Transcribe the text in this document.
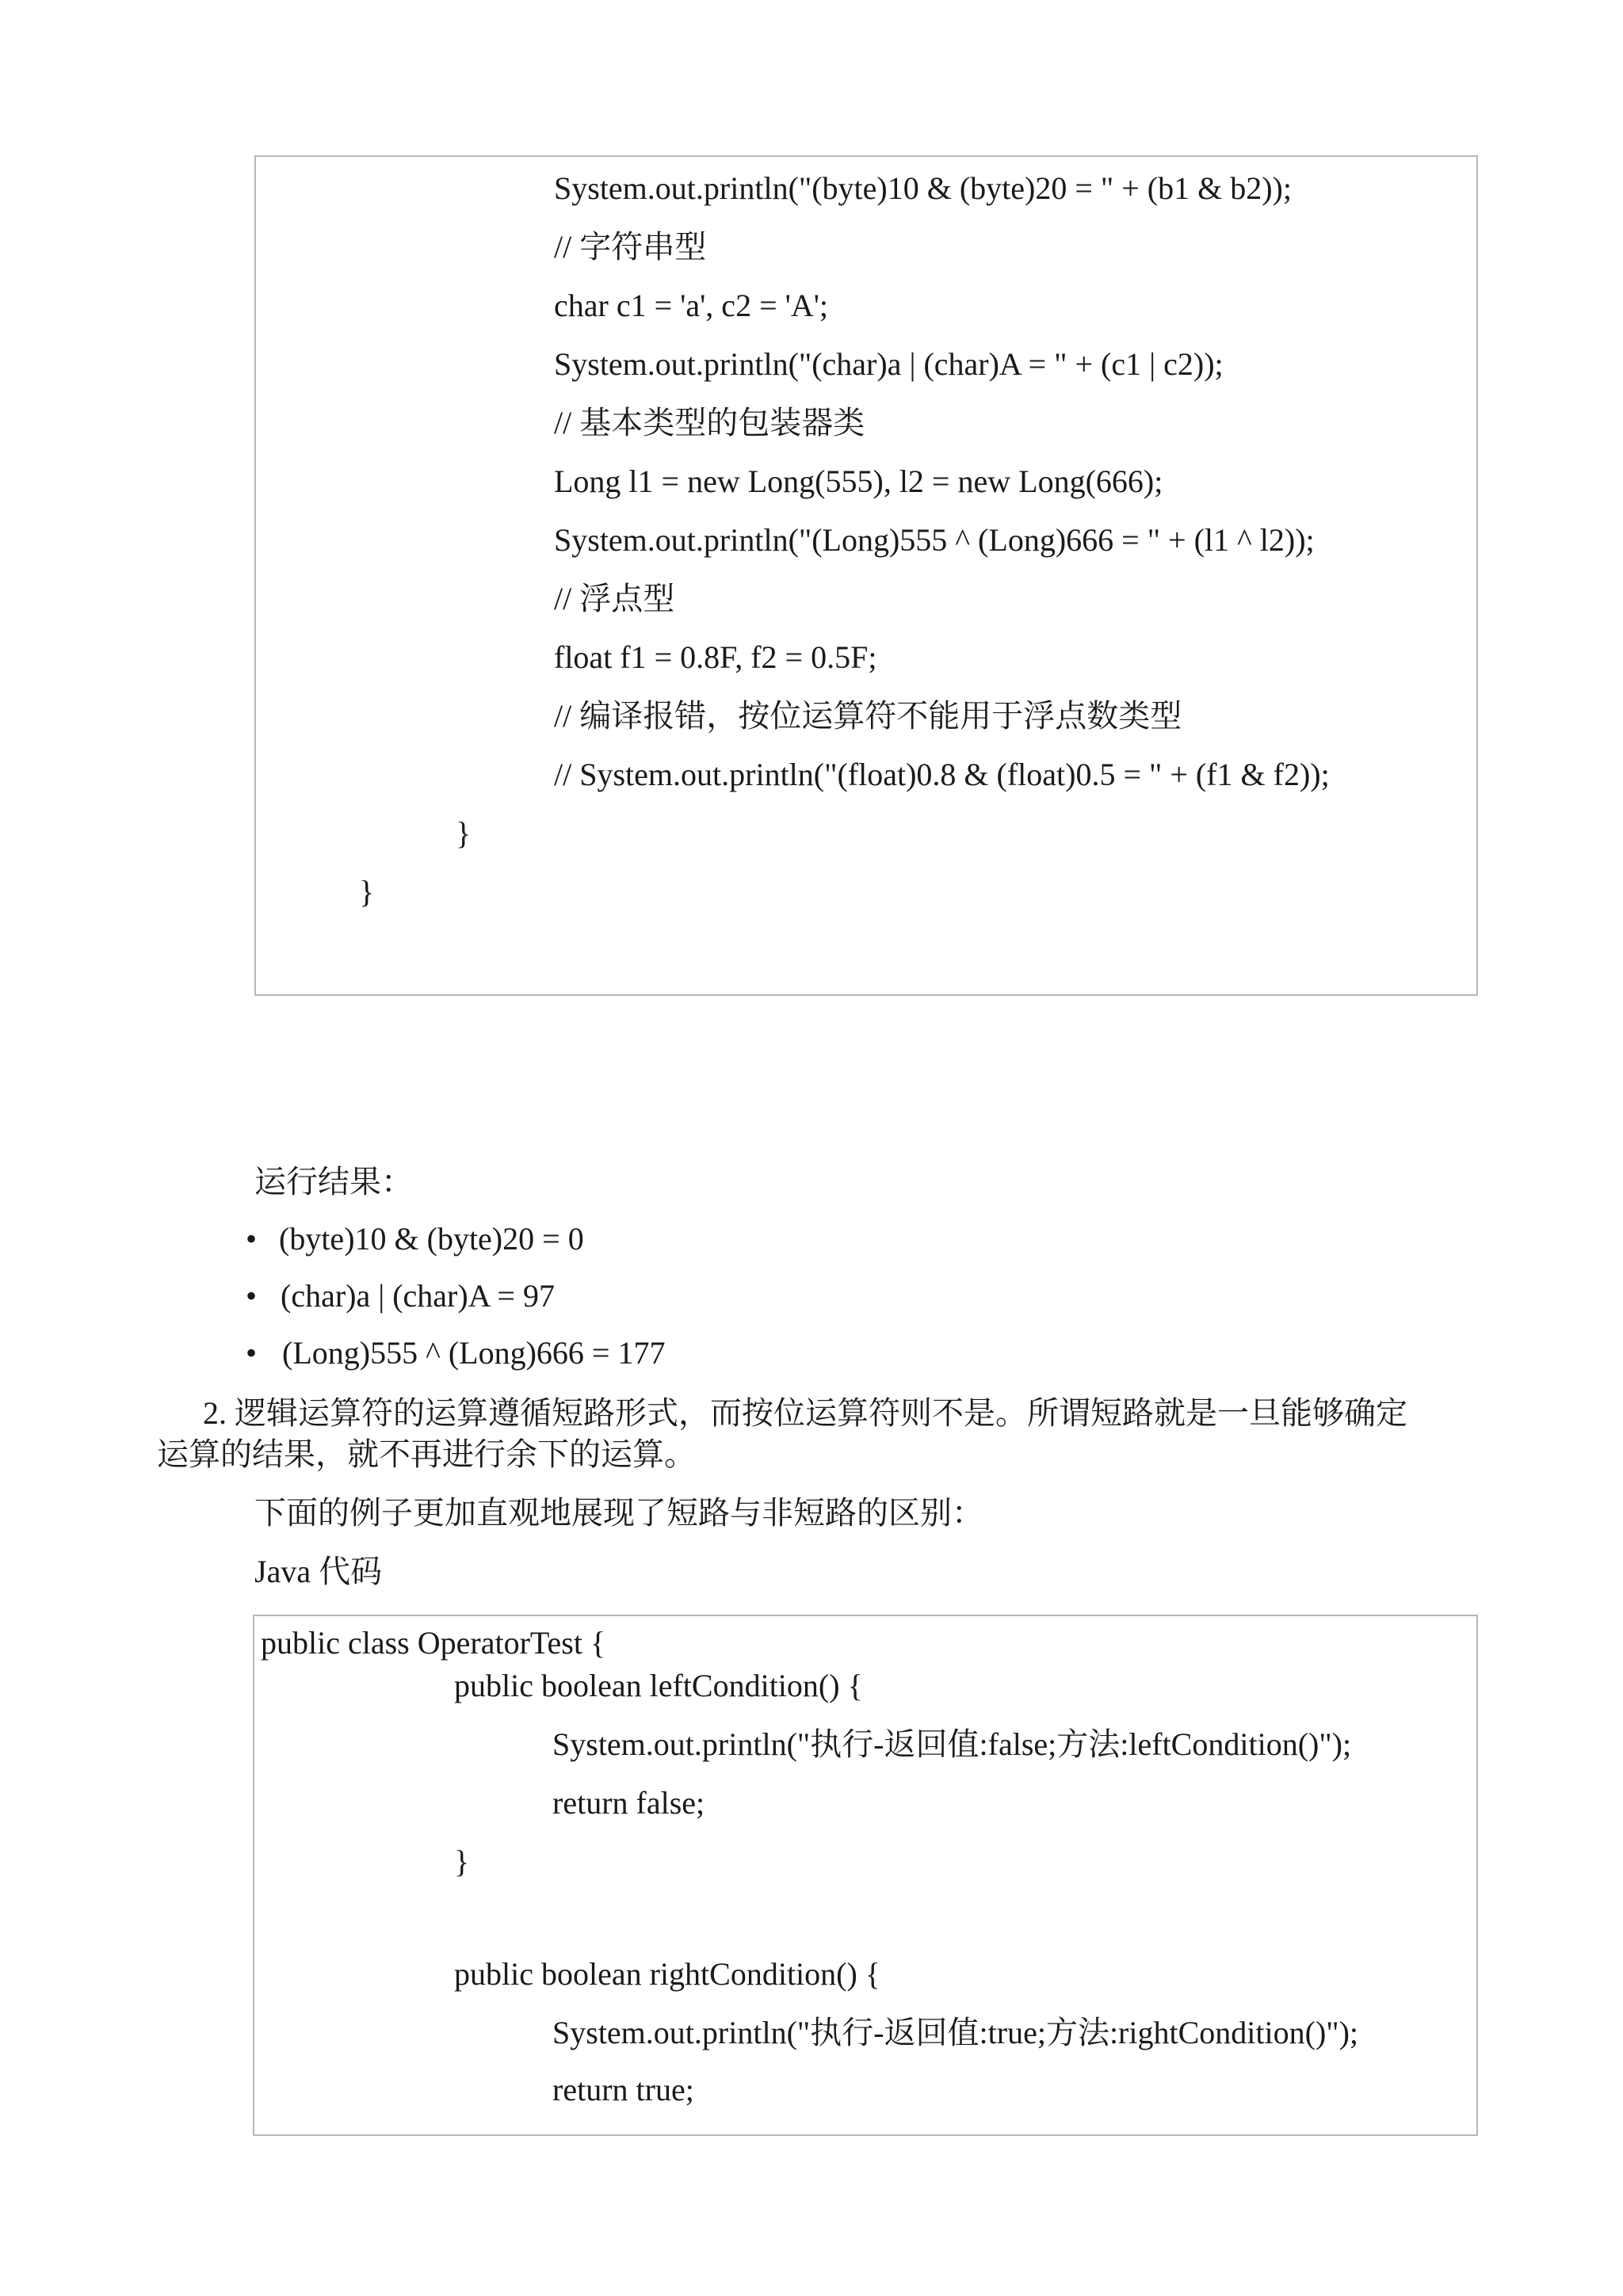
System.out.println("(byte)10 & (byte)20 = " + (b1 & b2));
// 字符串型
char c1 = 'a', c2 = 'A';
System.out.println("(char)a | (char)A = " + (c1 | c2));
// 基本类型的包装器类
Long l1 = new Long(555), l2 = new Long(666);
System.out.println("(Long)555 ^ (Long)666 = " + (l1 ^ l2));
// 浮点型
float f1 = 0.8F, f2 = 0.5F;
// 编译报错，按位运算符不能用于浮点数类型
// System.out.println("(float)0.8 & (float)0.5 = " + (f1 & f2));
}
}
运行结果：
• (byte)10 & (byte)20 = 0
• (char)a | (char)A = 97
• (Long)555 ^ (Long)666 = 177
2. 逻辑运算符的运算遵循短路形式，而按位运算符则不是。所谓短路就是一旦能够确定
运算的结果，就不再进行余下的运算。
下面的例子更加直观地展现了短路与非短路的区别：
Java 代码
public class OperatorTest {
public boolean leftCondition() {
System.out.println("执行-返回值:false;方法:leftCondition()");
return false;
}
public boolean rightCondition() {
System.out.println("执行-返回值:true;方法:rightCondition()");
return true;
